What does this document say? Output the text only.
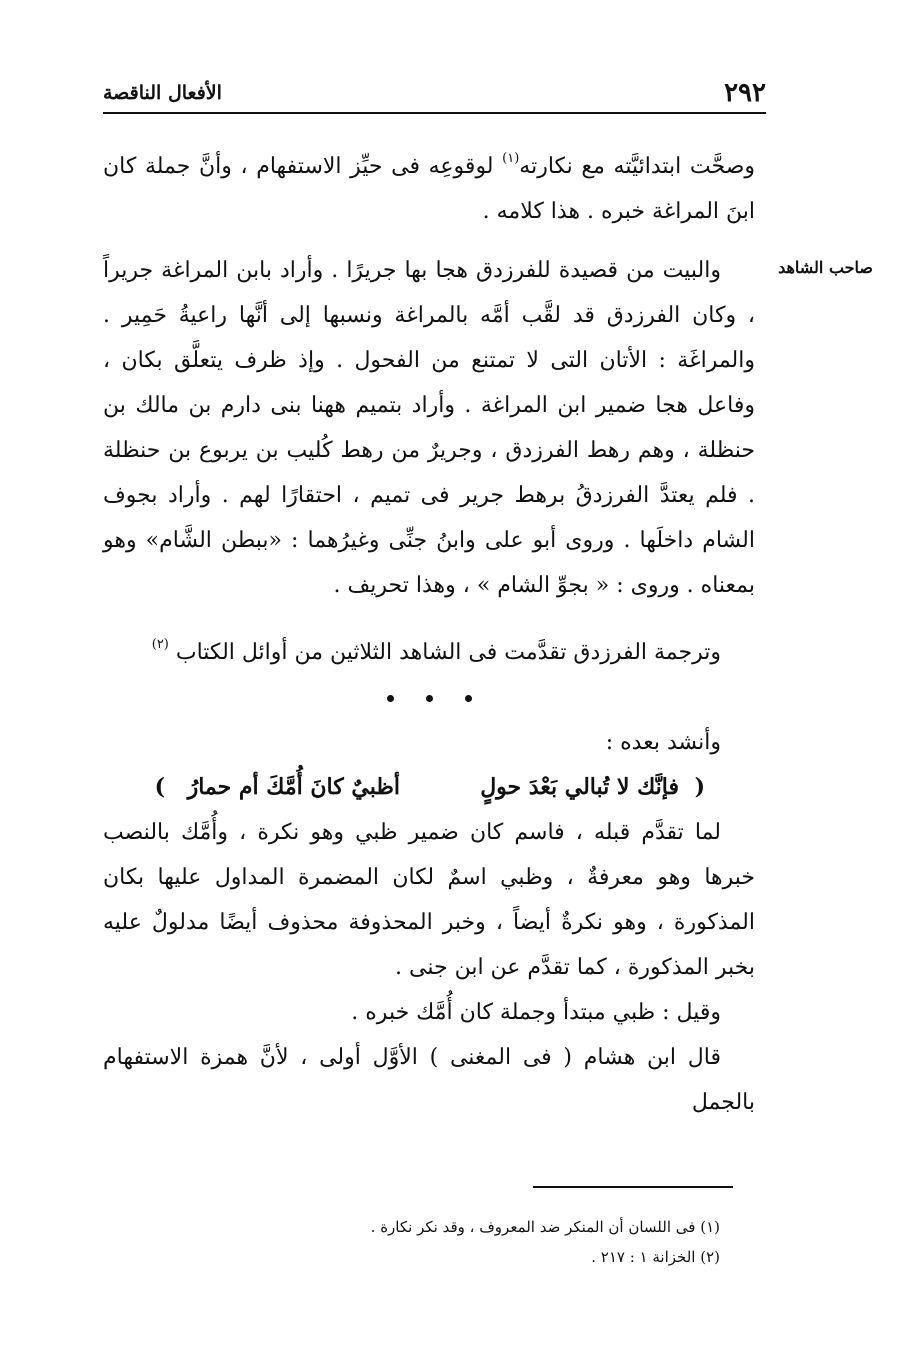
٢٩٢
الأفعال الناقصة
صاحب الشاهد

وصحَّت ابتدائيَّته مع نكارته$^{(١)}$ لوقوعِه فى حيِّز الاستفهام ، وأنَّ جملة كان ابنَ المراغة خبره . هذا كلامه .

والبيت من قصيدة للفرزدق هجا بها جريرًا . وأراد بابن المراغة جريراً ، وكان الفرزدق قد لقَّب أمَّه بالمراغة ونسبها إلى أنَّها راعيةُ حَمِير . والمراغَة : الأتان التى لا تمتنع من الفحول . وإذ ظرف يتعلَّق بكان ، وفاعل هجا ضمير ابن المراغة . وأراد بتميم ههنا بنى دارم بن مالك بن حنظلة ، وهم رهط الفرزدق ، وجريرٌ من رهط كُليب بن يربوع بن حنظلة . فلم يعتدَّ الفرزدقُ برهط جرير فى تميم ، احتقارًا لهم . وأراد بجوف الشام داخلَها . وروى أبو على وابنُ جنِّى وغيرُهما : «ببطن الشَّام» وهو بمعناه . وروى : « بجوِّ الشام » ، وهذا تحريف .

وترجمة الفرزدق تقدَّمت فى الشاهد الثلاثين من أوائل الكتاب $^{(٢)}$

وأنشد بعده :

(
فإنَّك لا تُبالي بَعْدَ حولٍ
أظبيٌ كانَ أُمَّكَ أم حمارُ
)

لما تقدَّم قبله ، فاسم كان ضمير ظبي وهو نكرة ، وأُمَّك بالنصب خبرها وهو معرفةٌ ، وظبي اسمٌ لكان المضمرة المداول عليها بكان المذكورة ، وهو نكرةٌ أيضاً ، وخبر المحذوفة محذوف أيضًا مدلولٌ عليه بخبر المذكورة ، كما تقدَّم عن ابن جنى .

وقيل : ظبي مبتدأ وجملة كان أُمَّك خبره .

قال ابن هشام ( فى المغنى ) الأوَّل أولى ، لأنَّ همزة الاستفهام بالجمل

(١) فى اللسان أن المنكر ضد المعروف ، وقد نكر نكارة .

(٢) الخزانة ١ : ٢١٧ .
